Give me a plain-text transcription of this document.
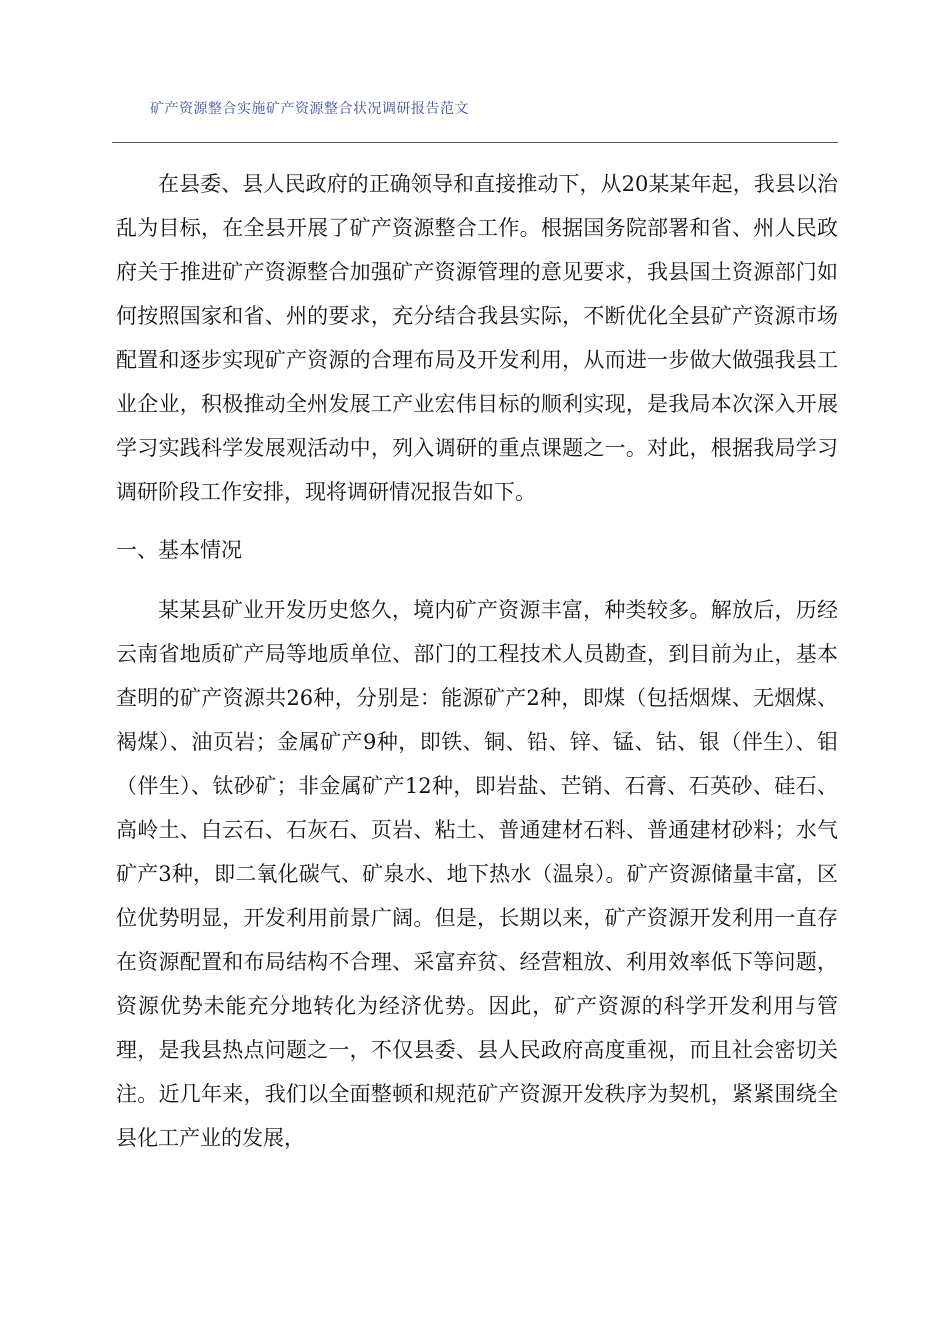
矿产资源整合实施矿产资源整合状况调研报告范文

在县委、县人民政府的正确领导和直接推动下，从20某某年起，我县以治乱为目标，在全县开展了矿产资源整合工作。根据国务院部署和省、州人民政府关于推进矿产资源整合加强矿产资源管理的意见要求，我县国土资源部门如何按照国家和省、州的要求，充分结合我县实际，不断优化全县矿产资源市场配置和逐步实现矿产资源的合理布局及开发利用，从而进一步做大做强我县工业企业，积极推动全州发展工产业宏伟目标的顺利实现，是我局本次深入开展学习实践科学发展观活动中，列入调研的重点课题之一。对此，根据我局学习调研阶段工作安排，现将调研情况报告如下。

一、基本情况

某某县矿业开发历史悠久，境内矿产资源丰富，种类较多。解放后，历经云南省地质矿产局等地质单位、部门的工程技术人员勘查，到目前为止，基本查明的矿产资源共26种，分别是：能源矿产2种，即煤（包括烟煤、无烟煤、褐煤）、油页岩；金属矿产9种，即铁、铜、铅、锌、锰、钴、银（伴生）、钼（伴生）、钛砂矿；非金属矿产12种，即岩盐、芒销、石膏、石英砂、硅石、高岭土、白云石、石灰石、页岩、粘土、普通建材石料、普通建材砂料；水气矿产3种，即二氧化碳气、矿泉水、地下热水（温泉）。矿产资源储量丰富，区位优势明显，开发利用前景广阔。但是，长期以来，矿产资源开发利用一直存在资源配置和布局结构不合理、采富弃贫、经营粗放、利用效率低下等问题，资源优势未能充分地转化为经济优势。因此，矿产资源的科学开发利用与管理，是我县热点问题之一，不仅县委、县人民政府高度重视，而且社会密切关注。近几年来，我们以全面整顿和规范矿产资源开发秩序为契机，紧紧围绕全县化工产业的发展，
